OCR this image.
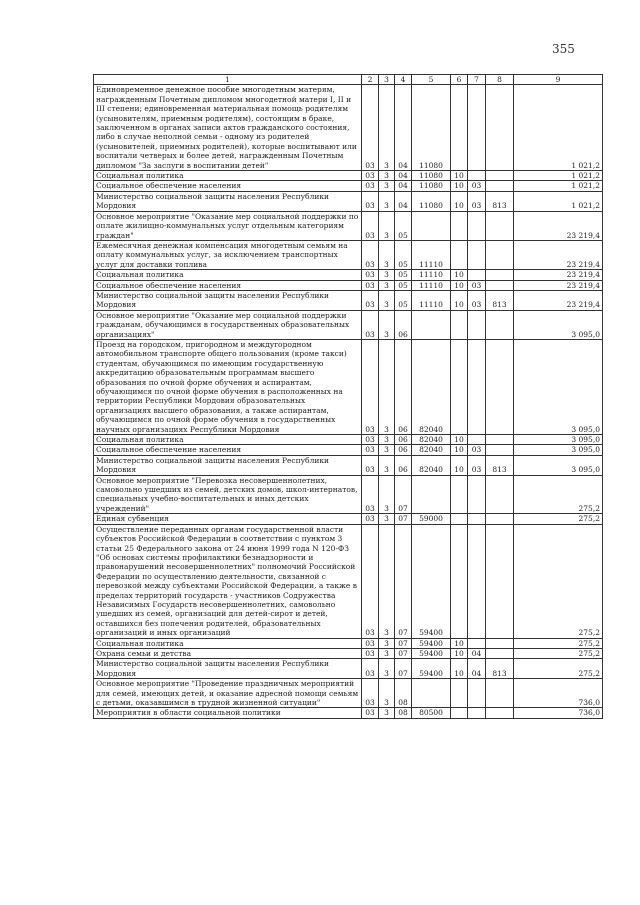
355
1	2	3	4	5	6	7	8	9
Единовременное денежное пособие многодетным матерям, награжденным Почетным дипломом многодетной матери I, II и III степени; единовременная материальная помощь родителям (усыновителям, приемным родителям), состоящим в браке, заключенном в органах записи актов гражданского состояния, либо в случае неполной семьи - одному из родителей (усыновителей, приемных родителей), которые воспитывают или воспитали четверых и более детей, награжденным Почетным дипломом "За заслуги в воспитании детей"	03	3	04	11080				1 021,2
Социальная политика	03	3	04	11080	10			1 021,2
Социальное обеспечение населения	03	3	04	11080	10	03		1 021,2
Министерство социальной защиты населения Республики Мордовия	03	3	04	11080	10	03	813	1 021,2
Основное мероприятие "Оказание мер социальной поддержки по оплате жилищно-коммунальных услуг отдельным категориям граждан"	03	3	05					23 219,4
Ежемесячная денежная компенсация многодетным семьям на оплату коммунальных услуг, за исключением транспортных услуг для доставки топлива	03	3	05	11110				23 219,4
Социальная политика	03	3	05	11110	10			23 219,4
Социальное обеспечение населения	03	3	05	11110	10	03		23 219,4
Министерство социальной защиты населения Республики Мордовия	03	3	05	11110	10	03	813	23 219,4
Основное мероприятие "Оказание мер социальной поддержки гражданам, обучающимся в государственных образовательных организациях"	03	3	06					3 095,0
Проезд на городском, пригородном и междугородном автомобильном транспорте общего пользования (кроме такси) студентам, обучающимся по имеющим государственную аккредитацию образовательным программам высшего образования по очной форме обучения и аспирантам, обучающимся по очной форме обучения в расположенных на территории Республики Мордовия образовательных организациях высшего образования, а также аспирантам, обучающимся по очной форме обучения в государственных научных организациях Республики Мордовия	03	3	06	82040				3 095,0
Социальная политика	03	3	06	82040	10			3 095,0
Социальное обеспечение населения	03	3	06	82040	10	03		3 095,0
Министерство социальной защиты населения Республики Мордовия	03	3	06	82040	10	03	813	3 095,0
Основное мероприятие "Перевозка несовершеннолетних, самовольно ушедших из семей, детских домов, школ-интернатов, специальных учебно-воспитательных и иных детских учреждений"	03	3	07					275,2
Единая субвенция	03	3	07	59000				275,2
Осуществление переданных органам государственной власти субъектов Российской Федерации в соответствии с пунктом 3 статьи 25 Федерального закона от 24 июня 1999 года N 120-ФЗ "Об основах системы профилактики безнадзорности и правонарушений несовершеннолетних" полномочий Российской Федерации по осуществлению деятельности, связанной с перевозкой между субъектами Российской Федерации, а также в пределах территорий государств - участников Содружества Независимых Государств несовершеннолетних, самовольно ушедших из семей, организаций для детей-сирот и детей, оставшихся без попечения родителей, образовательных организаций и иных организаций	03	3	07	59400				275,2
Социальная политика	03	3	07	59400	10			275,2
Охрана семьи и детства	03	3	07	59400	10	04		275,2
Министерство социальной защиты населения Республики Мордовия	03	3	07	59400	10	04	813	275,2
Основное мероприятие "Проведение праздничных мероприятий для семей, имеющих детей, и оказание адресной помощи семьям с детьми, оказавшимся в трудной жизненной ситуации"	03	3	08					736,0
Мероприятия в области социальной политики	03	3	08	80500				736,0
